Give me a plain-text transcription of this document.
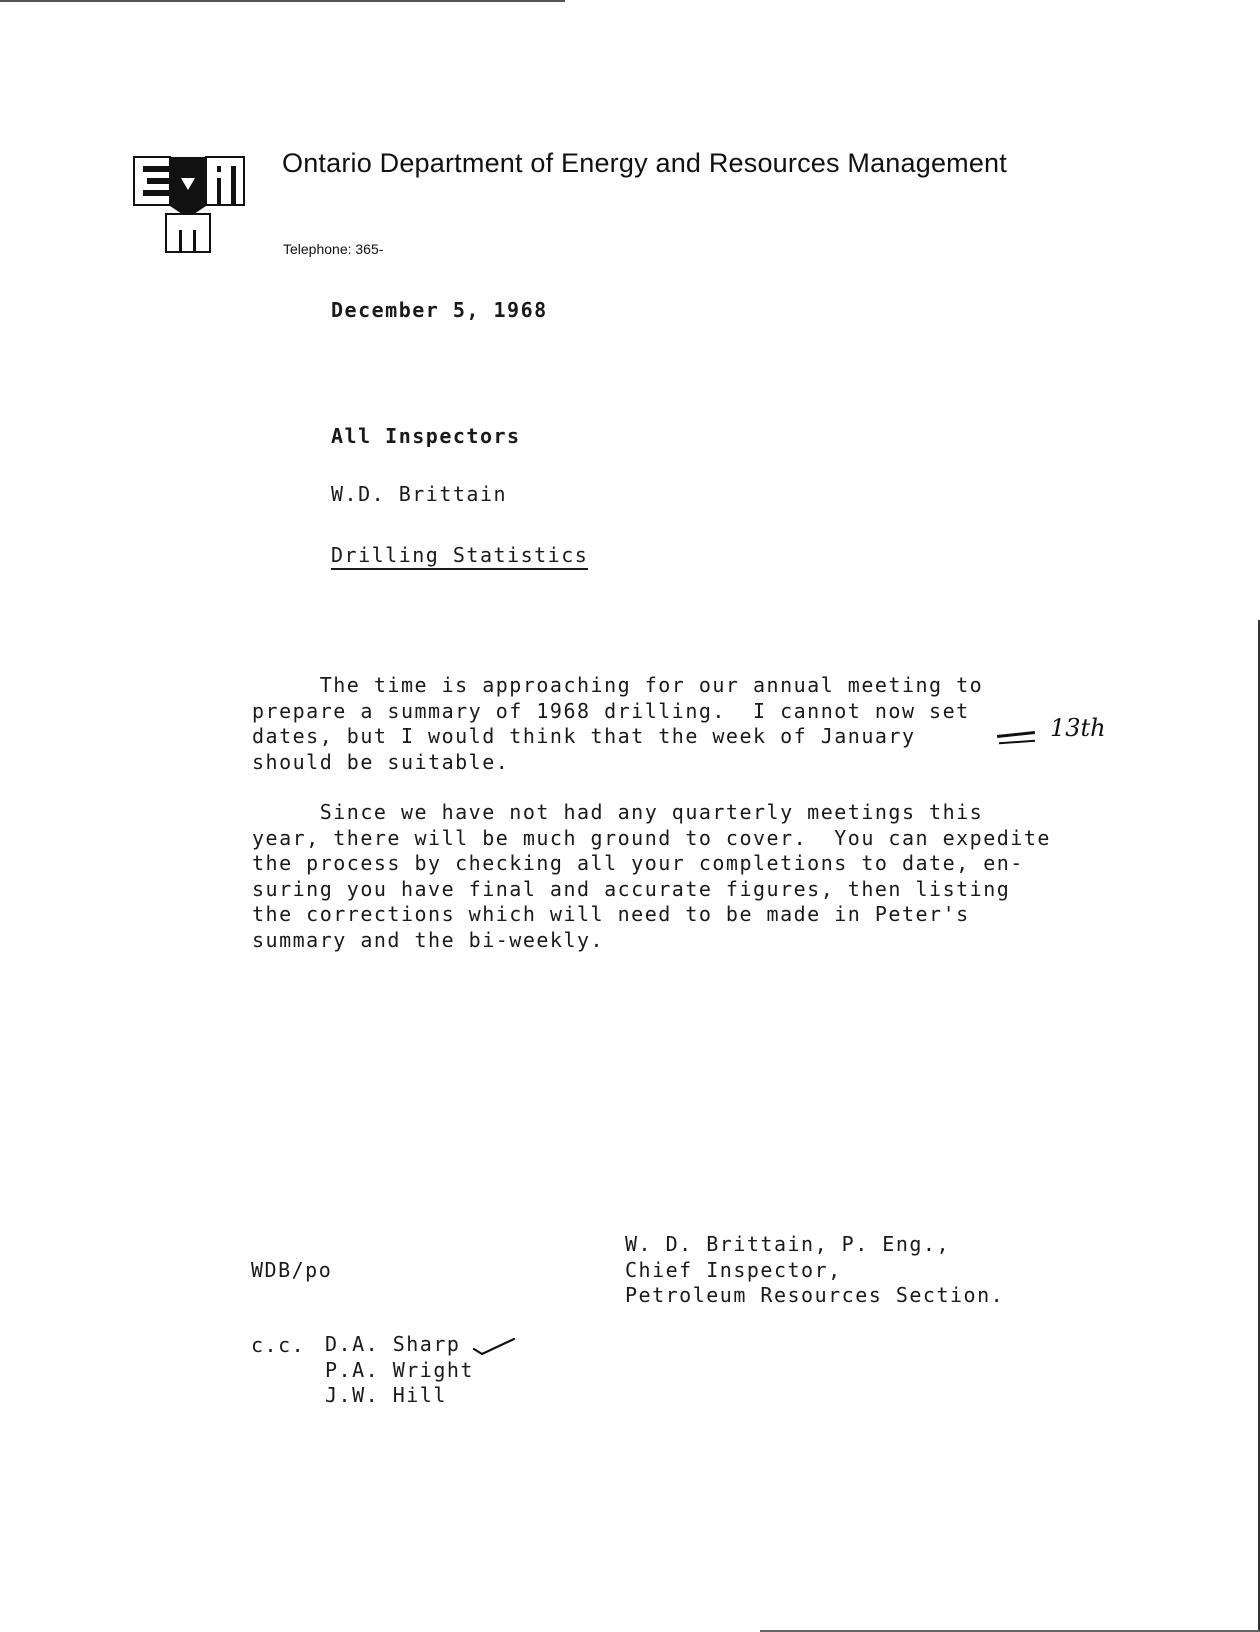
Ontario Department of Energy and Resources Management
Telephone: 365-
December 5, 1968
All Inspectors
W.D. Brittain
Drilling Statistics
The time is approaching for our annual meeting to
prepare a summary of 1968 drilling.  I cannot now set
dates, but I would think that the week of January
should be suitable.
13th
Since we have not had any quarterly meetings this
year, there will be much ground to cover.  You can expedite
the process by checking all your completions to date, en-
suring you have final and accurate figures, then listing
the corrections which will need to be made in Peter's
summary and the bi-weekly.
W. D. Brittain, P. Eng.,
Chief Inspector,
Petroleum Resources Section.
WDB/po
c.c. D.A. Sharp
P.A. Wright
J.W. Hill
